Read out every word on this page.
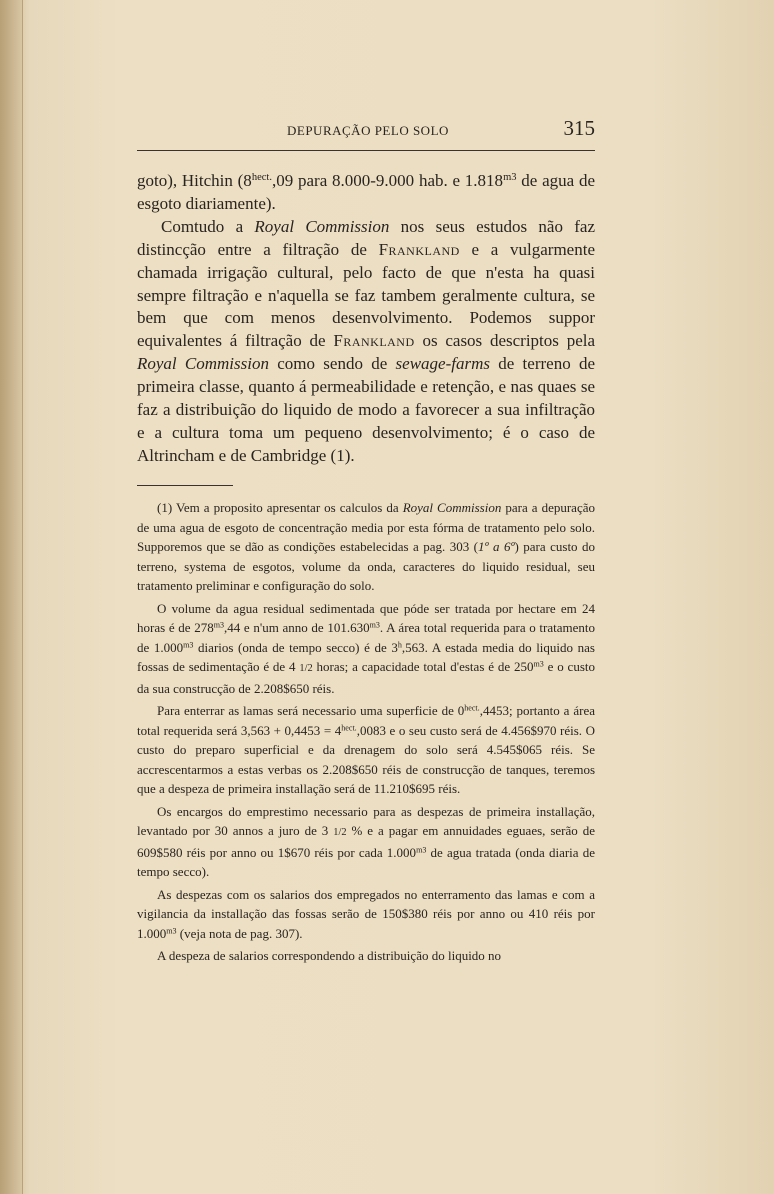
DEPURAÇÃO PELO SOLO	315

goto), Hitchin ($8^{hect.},09$ para 8.000-9.000 hab. e $1.818^{m3}$ de agua de esgoto diariamente).

Comtudo a Royal Commission nos seus estudos não faz distincção entre a filtração de Frankland e a vulgarmente chamada irrigação cultural, pelo facto de que n'esta ha quasi sempre filtração e n'aquella se faz tambem geralmente cultura, se bem que com menos desenvolvimento. Podemos suppor equivalentes á filtração de Frankland os casos descriptos pela Royal Commission como sendo de sewage-farms de terreno de primeira classe, quanto á permeabilidade e retenção, e nas quaes se faz a distribuição do liquido de modo a favorecer a sua infiltração e a cultura toma um pequeno desenvolvimento; é o caso de Altrincham e de Cambridge (1).

(1) Vem a proposito apresentar os calculos da Royal Commission para a depuração de uma agua de esgoto de concentração media por esta fórma de tratamento pelo solo. Supporemos que se dão as condições estabelecidas a pag. 303 (1º a 6º) para custo do terreno, systema de esgotos, volume da onda, caracteres do liquido residual, seu tratamento preliminar e configuração do solo.

O volume da agua residual sedimentada que póde ser tratada por hectare em 24 horas é de $278^{m3},44$ e n'um anno de $101.630^{m3}$. A área total requerida para o tratamento de $1.000^{m3}$ diarios (onda de tempo secco) é de 3$^h$,563. A estada media do liquido nas fossas de sedimentação é de 4 1/2 horas; a capacidade total d'estas é de $250^{m3}$ e o custo da sua construcção de 2.208$650 réis.

Para enterrar as lamas será necessario uma superficie de $0^{hect.},4453$; portanto a área total requerida será $3,563 + 0,4453 = 4^{hect.},0083$ e o seu custo será de 4.456$970 réis. O custo do preparo superficial e da drenagem do solo será 4.545$065 réis. Se accrescentarmos a estas verbas os 2.208$650 réis de construcção de tanques, teremos que a despeza de primeira installação será de 11.210$695 réis.

Os encargos do emprestimo necessario para as despezas de primeira installação, levantado por 30 annos a juro de 3 1/2 % e a pagar em annuidades eguaes, serão de 609$580 réis por anno ou 1$670 réis por cada $1.000^{m3}$ de agua tratada (onda diaria de tempo secco).

As despezas com os salarios dos empregados no enterramento das lamas e com a vigilancia da installação das fossas serão de 150$380 réis por anno ou 410 réis por $1.000^{m3}$ (veja nota de pag. 307).

A despeza de salarios correspondendo a distribuição do liquido no
